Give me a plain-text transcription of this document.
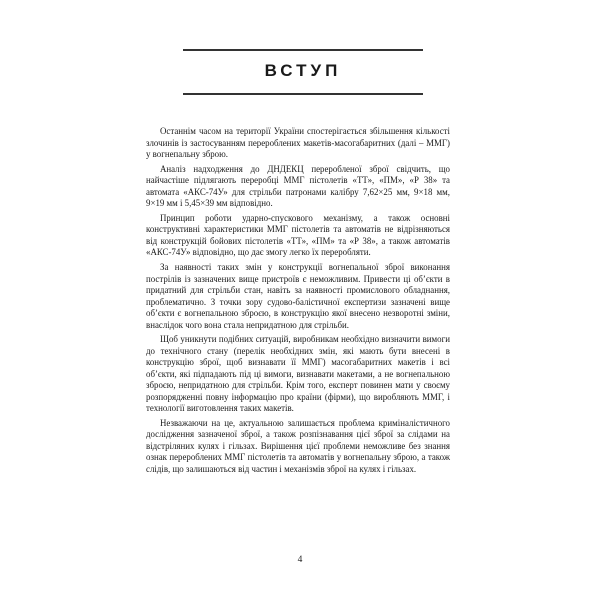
ВСТУП

Останнім часом на території України спостерігається збільшення кількості злочинів із застосуванням перероблених макетів-масогабаритних (далі – ММГ) у вогнепальну зброю.

Аналіз надходження до ДНДЕКЦ переробленої зброї свідчить, що найчастіше підлягають переробці ММГ пістолетів «ТТ», «ПМ», «Р 38» та автомата «АКС-74У» для стрільби патронами калібру 7,62×25 мм, 9×18 мм, 9×19 мм і 5,45×39 мм відповідно.

Принцип роботи ударно-спускового механізму, а також основні конструктивні характеристики ММГ пістолетів та автоматів не відрізняються від конструкцій бойових пістолетів «ТТ», «ПМ» та «Р 38», а також автоматів «АКС-74У» відповідно, що дає змогу легко їх переробляти.

За наявності таких змін у конструкції вогнепальної зброї виконання пострілів із зазначених вище пристроїв є неможливим. Привести ці об’єкти в придатний для стрільби стан, навіть за наявності промислового обладнання, проблематично. З точки зору судово-балістичної експертизи зазначені вище об’єкти є вогнепальною зброєю, в конструкцію якої внесено незворотні зміни, внаслідок чого вона стала непридатною для стрільби.

Щоб уникнути подібних ситуацій, виробникам необхідно визначити вимоги до технічного стану (перелік необхідних змін, які мають бути внесені в конструкцію зброї, щоб визнавати її ММГ) масогабаритних макетів і всі об’єкти, які підпадають під ці вимоги, визнавати макетами, а не вогнепальною зброєю, непридатною для стрільби. Крім того, експерт повинен мати у своєму розпорядженні повну інформацію про країни (фірми), що виробляють ММГ, і технології виготовлення таких макетів.

Незважаючи на це, актуальною залишається проблема криміналістичного дослідження зазначеної зброї, а також розпізнавання цієї зброї за слідами на відстріляних кулях і гільзах. Вирішення цієї проблеми неможливе без знання ознак перероблених ММГ пістолетів та автоматів у вогнепальну зброю, а також слідів, що залишаються від частин і механізмів зброї на кулях і гільзах.

4
